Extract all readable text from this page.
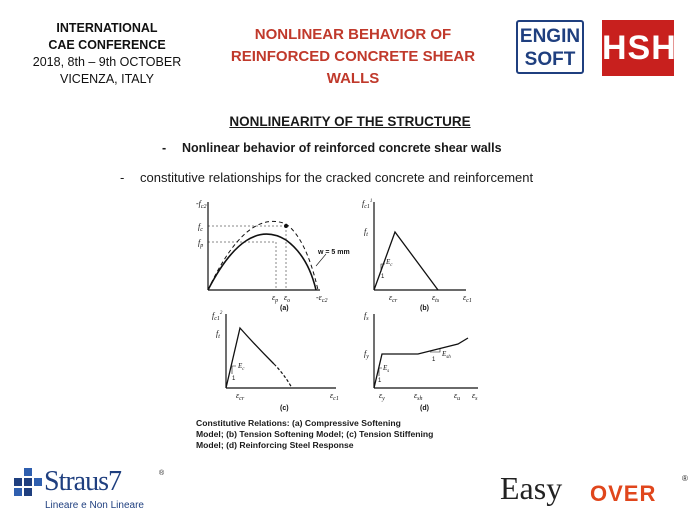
INTERNATIONAL
CAE CONFERENCE
2018, 8th – 9th OCTOBER
VICENZA, ITALY
NONLINEAR BEHAVIOR OF
REINFORCED CONCRETE SHEAR
WALLS
ENGIN
SOFT HSH
NONLINEARITY OF THE STRUCTURE
- Nonlinear behavior of reinforced concrete shear walls
- constitutive relationships for the cracked concrete and reinforcement
$-f_{c2}$
$f_c$
$f_p$
$\varepsilon_p$ $\varepsilon_o$	$-\varepsilon_{c2}$
w = 5 mm
(a)
$f_{c1}^1$
$f_t$
$E_c$
1
$\varepsilon_{cr}$	$\varepsilon_{ts}$	$\varepsilon_{c1}$
(b)
$f_{c1}^2$
$f_t$
$E_c$
1
$\varepsilon_{cr}$	$\varepsilon_{c1}$
(c)
$f_s$
$f_y$
$E_s$
1
$E_{sh}$
1
$\varepsilon_y$	$\varepsilon_{sh}$	$\varepsilon_u$ $\varepsilon_s$
(d)
Constitutive Relations: (a) Compressive Softening
Model; (b) Tension Softening Model; (c) Tension Stiffening
Model; (d) Reinforcing Steel Response
Straus7	®
Lineare e Non Lineare	Easy OVER
®
